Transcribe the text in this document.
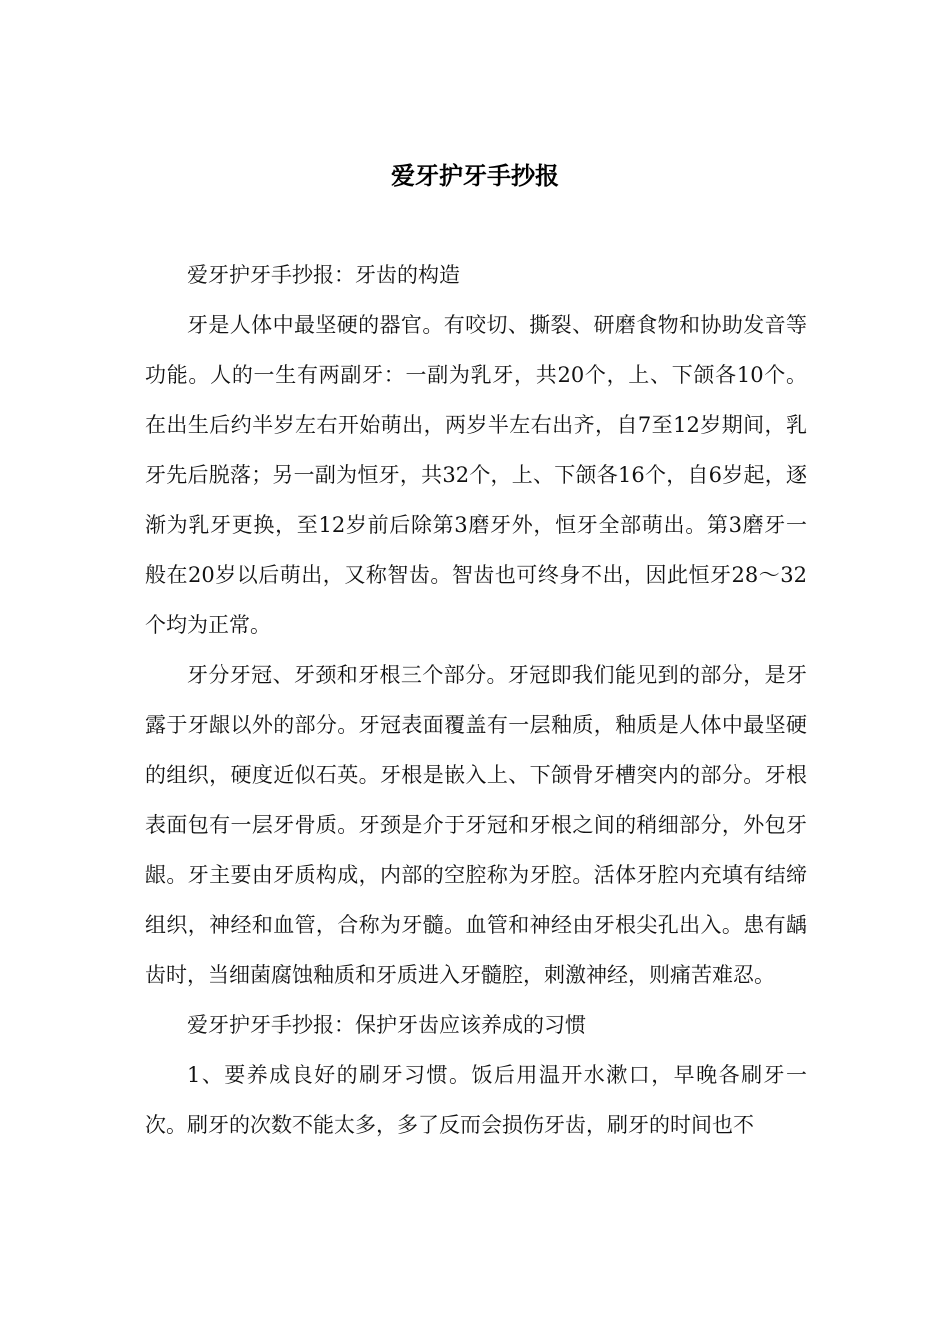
爱牙护牙手抄报

爱牙护牙手抄报：牙齿的构造

牙是人体中最坚硬的器官。有咬切、撕裂、研磨食物和协助发音等功能。人的一生有两副牙：一副为乳牙，共20个，上、下颌各10个。在出生后约半岁左右开始萌出，两岁半左右出齐，自7至12岁期间，乳牙先后脱落；另一副为恒牙，共32个，上、下颌各16个，自6岁起，逐渐为乳牙更换，至12岁前后除第3磨牙外，恒牙全部萌出。第3磨牙一般在20岁以后萌出，又称智齿。智齿也可终身不出，因此恒牙28～32个均为正常。

牙分牙冠、牙颈和牙根三个部分。牙冠即我们能见到的部分，是牙露于牙龈以外的部分。牙冠表面覆盖有一层釉质，釉质是人体中最坚硬的组织，硬度近似石英。牙根是嵌入上、下颌骨牙槽突内的部分。牙根表面包有一层牙骨质。牙颈是介于牙冠和牙根之间的稍细部分，外包牙龈。牙主要由牙质构成，内部的空腔称为牙腔。活体牙腔内充填有结缔组织，神经和血管，合称为牙髓。血管和神经由牙根尖孔出入。患有龋齿时，当细菌腐蚀釉质和牙质进入牙髓腔，刺激神经，则痛苦难忍。

爱牙护牙手抄报：保护牙齿应该养成的习惯

1、要养成良好的刷牙习惯。饭后用温开水漱口，早晚各刷牙一次。刷牙的次数不能太多，多了反而会损伤牙齿，刷牙的时间也不
